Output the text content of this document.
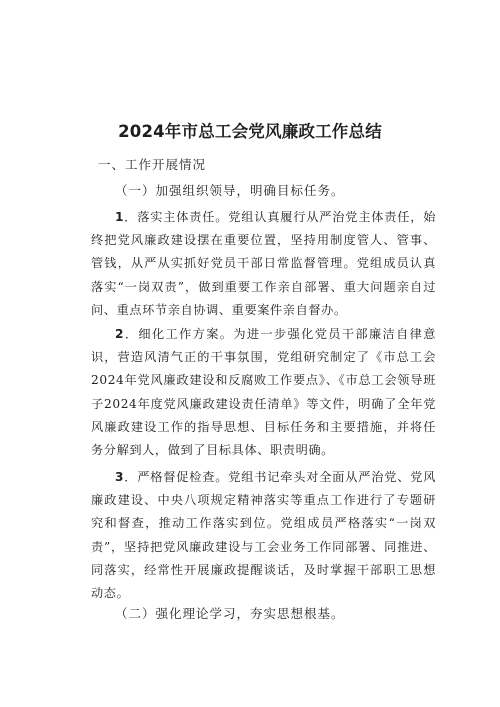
2024年市总工会党风廉政工作总结
一、工作开展情况
（一）加强组织领导，明确目标任务。
1．落实主体责任。党组认真履行从严治党主体责任，始终把党风廉政建设摆在重要位置，坚持用制度管人、管事、管钱，从严从实抓好党员干部日常监督管理。党组成员认真落实“一岗双责”，做到重要工作亲自部署、重大问题亲自过问、重点环节亲自协调、重要案件亲自督办。
2．细化工作方案。为进一步强化党员干部廉洁自律意识，营造风清气正的干事氛围，党组研究制定了《市总工会2024年党风廉政建设和反腐败工作要点》、《市总工会领导班子2024年度党风廉政建设责任清单》等文件，明确了全年党风廉政建设工作的指导思想、目标任务和主要措施，并将任务分解到人，做到了目标具体、职责明确。
3．严格督促检查。党组书记牵头对全面从严治党、党风廉政建设、中央八项规定精神落实等重点工作进行了专题研究和督查，推动工作落实到位。党组成员严格落实“一岗双责”，坚持把党风廉政建设与工会业务工作同部署、同推进、同落实，经常性开展廉政提醒谈话，及时掌握干部职工思想动态。
（二）强化理论学习，夯实思想根基。
